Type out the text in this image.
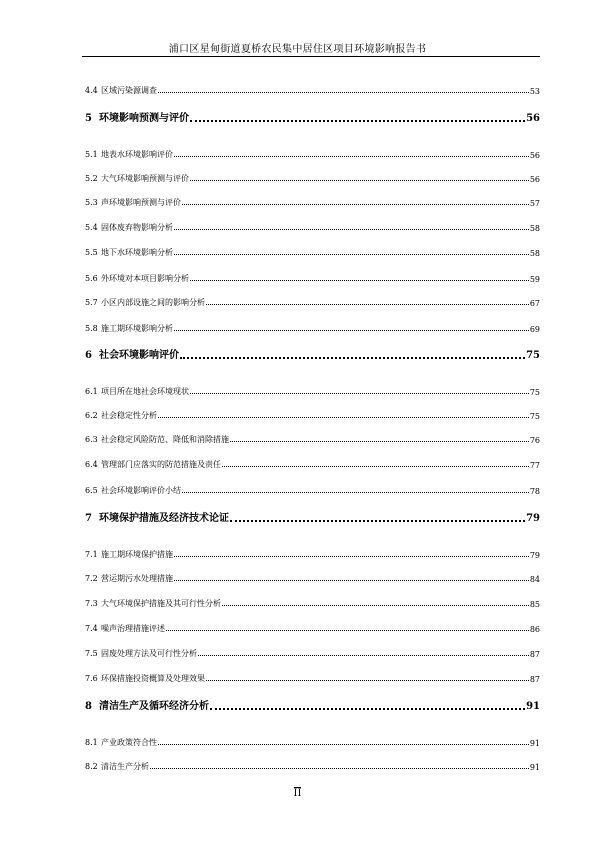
浦口区星甸街道夏桥农民集中居住区项目环境影响报告书
4.4 区域污染源调查	53
5 环境影响预测与评价	56
5.1 地表水环境影响评价	56
5.2 大气环境影响预测与评价	56
5.3 声环境影响预测与评价	57
5.4 固体废弃物影响分析	58
5.5 地下水环境影响分析	58
5.6 外环境对本项目影响分析	59
5.7 小区内部设施之间的影响分析	67
5.8 施工期环境影响分析	69
6 社会环境影响评价	75
6.1 项目所在地社会环境现状	75
6.2 社会稳定性分析	75
6.3 社会稳定风险防范、降低和消除措施	76
6.4 管理部门应落实的防范措施及责任	77
6.5 社会环境影响评价小结	78
7 环境保护措施及经济技术论证	79
7.1 施工期环境保护措施	79
7.2 营运期污水处理措施	84
7.3 大气环境保护措施及其可行性分析	85
7.4 噪声治理措施评述	86
7.5 固废处理方法及可行性分析	87
7.6 环保措施投资概算及处理效果	87
8 清洁生产及循环经济分析	91
8.1 产业政策符合性	91
8.2 清洁生产分析	91
II
